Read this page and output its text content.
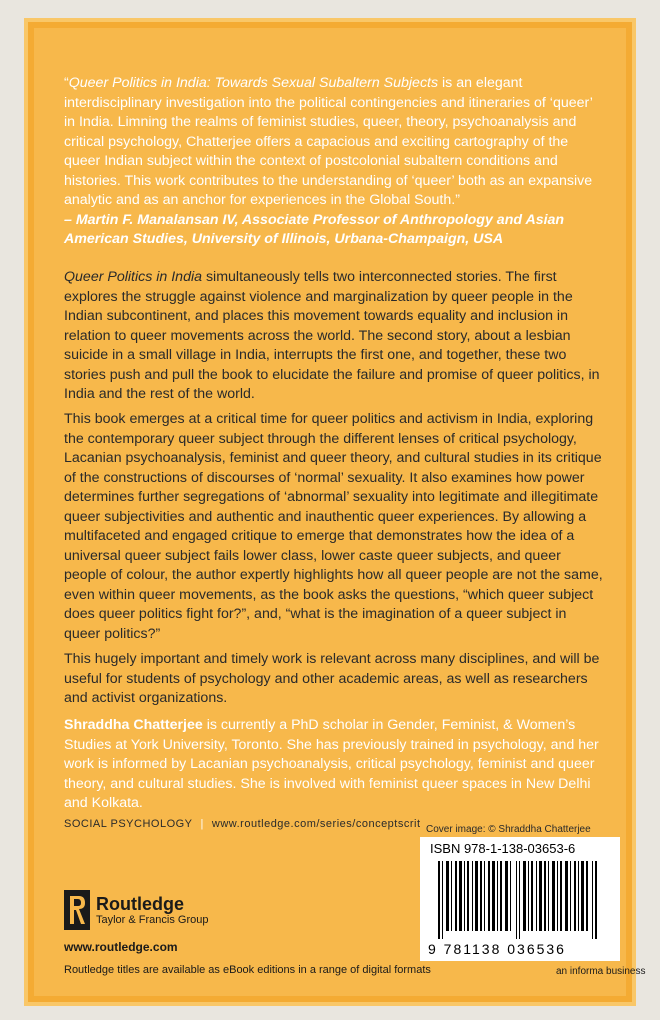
“Queer Politics in India: Towards Sexual Subaltern Subjects is an elegant interdisciplinary investigation into the political contingencies and itineraries of ‘queer’ in India. Limning the realms of feminist studies, queer, theory, psychoanalysis and critical psychology, Chatterjee offers a capacious and exciting cartography of the queer Indian subject within the context of postcolonial subaltern conditions and histories. This work contributes to the understanding of ‘queer’ both as an expansive analytic and as an anchor for experiences in the Global South.”
– Martin F. Manalansan IV, Associate Professor of Anthropology and Asian American Studies, University of Illinois, Urbana-Champaign, USA
Queer Politics in India simultaneously tells two interconnected stories. The first explores the struggle against violence and marginalization by queer people in the Indian subcontinent, and places this movement towards equality and inclusion in relation to queer movements across the world. The second story, about a lesbian suicide in a small village in India, interrupts the first one, and together, these two stories push and pull the book to elucidate the failure and promise of queer politics, in India and the rest of the world.
This book emerges at a critical time for queer politics and activism in India, exploring the contemporary queer subject through the different lenses of critical psychology, Lacanian psychoanalysis, feminist and queer theory, and cultural studies in its critique of the constructions of discourses of ‘normal’ sexuality. It also examines how power determines further segregations of ‘abnormal’ sexuality into legitimate and illegitimate queer subjectivities and authentic and inauthentic queer experiences. By allowing a multifaceted and engaged critique to emerge that demonstrates how the idea of a universal queer subject fails lower class, lower caste queer subjects, and queer people of colour, the author expertly highlights how all queer people are not the same, even within queer movements, as the book asks the questions, “which queer subject does queer politics fight for?”, and, “what is the imagination of a queer subject in queer politics?”
This hugely important and timely work is relevant across many disciplines, and will be useful for students of psychology and other academic areas, as well as researchers and activist organizations.
Shraddha Chatterjee is currently a PhD scholar in Gender, Feminist, & Women’s Studies at York University, Toronto. She has previously trained in psychology, and her work is informed by Lacanian psychoanalysis, critical psychology, feminist and queer theory, and cultural studies. She is involved with feminist queer spaces in New Delhi and Kolkata.
SOCIAL PSYCHOLOGY | www.routledge.com/series/conceptscrit Cover image: © Shraddha Chatterjee
ISBN 978-1-138-03653-6
9 781138 036536
Routledge
Taylor & Francis Group
www.routledge.com
Routledge titles are available as eBook editions in a range of digital formats	an informa business
